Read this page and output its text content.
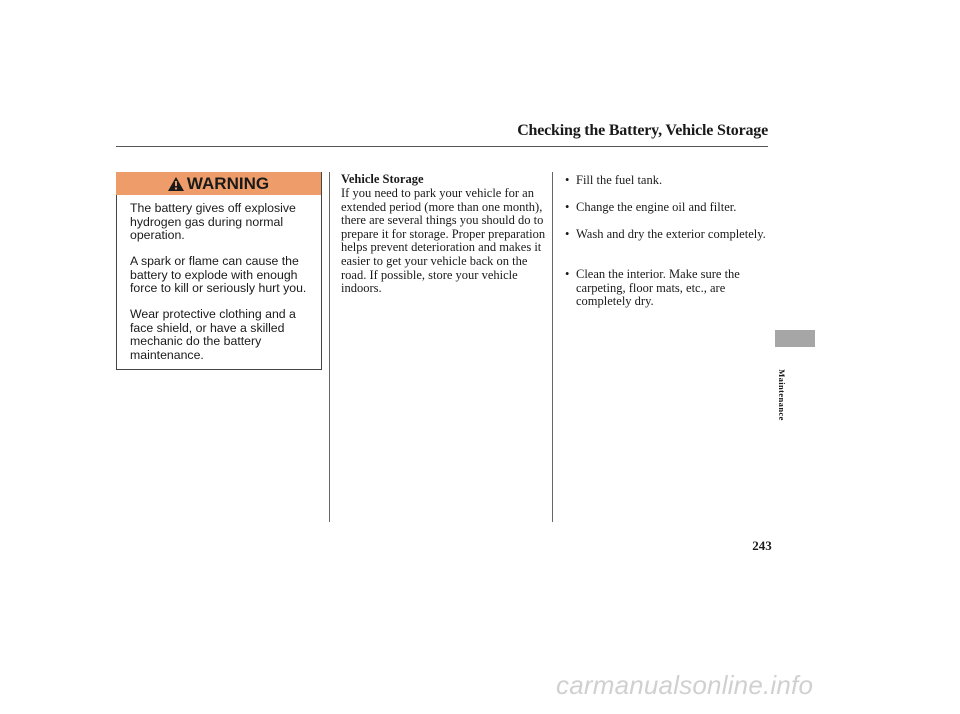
Checking the Battery, Vehicle Storage
WARNING

The battery gives off explosive hydrogen gas during normal operation.

A spark or flame can cause the battery to explode with enough force to kill or seriously hurt you.

Wear protective clothing and a face shield, or have a skilled mechanic do the battery maintenance.

Vehicle Storage

If you need to park your vehicle for an extended period (more than one month), there are several things you should do to prepare it for storage. Proper preparation helps prevent deterioration and makes it easier to get your vehicle back on the road. If possible, store your vehicle indoors.

• Fill the fuel tank.
• Change the engine oil and filter.
• Wash and dry the exterior completely.
• Clean the interior. Make sure the carpeting, floor mats, etc., are completely dry.
Maintenance
243
carmanualsonline.info
